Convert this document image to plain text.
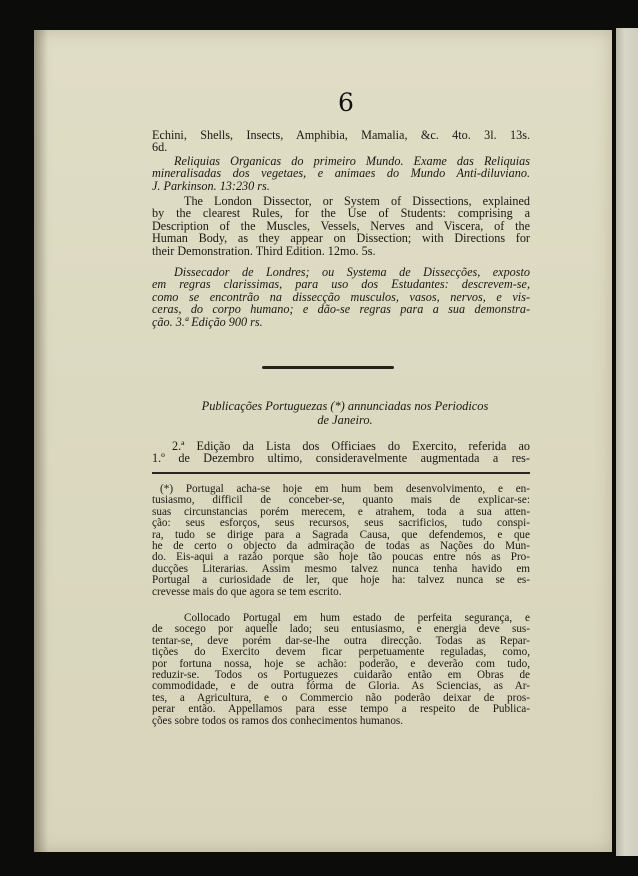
6
Echini, Shells, Insects, Amphibia, Mamalia, &c. 4to. 3l. 13s.
6d.
Reliquias Organicas do primeiro Mundo. Exame das Reliquias
mineralisadas dos vegetaes, e animaes do Mundo Anti-diluviano.
J. Parkinson. 13:230 rs.
The London Dissector, or System of Dissections, explained
by the clearest Rules, for the Use of Students: comprising a
Description of the Muscles, Vessels, Nerves and Viscera, of the
Human Body, as they appear on Dissection; with Directions for
their Demonstration. Third Edition. 12mo. 5s.
Dissecador de Londres; ou Systema de Dissecções, exposto
em regras clarissimas, para uso dos Estudantes: descrevem-se,
como se encontrão na dissecção musculos, vasos, nervos, e vis-
ceras, do corpo humano; e dão-se regras para a sua demonstra-
ção. 3.ª Edição 900 rs.
Publicações Portuguezas (*) annunciadas nos Periodicos
de Janeiro.
2.ª Edição da Lista dos Officiaes do Exercito, referida ao
1.º de Dezembro ultimo, consideravelmente augmentada a res-
(*) Portugal acha-se hoje em hum bem desenvolvimento, e en-
tusiasmo, difficil de conceber-se, quanto mais de explicar-se:
suas circunstancias porém merecem, e atrahem, toda a sua atten-
ção: seus esforços, seus recursos, seus sacrificios, tudo conspi-
ra, tudo se dirige para a Sagrada Causa, que defendemos, e que
he de certo o objecto da admiração de todas as Nações do Mun-
do. Eis-aqui a razão porque são hoje tão poucas entre nós as Pro-
ducções Literarias. Assim mesmo talvez nunca tenha havido em
Portugal a curiosidade de ler, que hoje ha: talvez nunca se es-
crevesse mais do que agora se tem escrito.
Collocado Portugal em hum estado de perfeita segurança, e
de socego por aquelle lado; seu entusiasmo, e energia deve sus-
tentar-se, deve porém dar-se-lhe outra direcção. Todas as Repar-
tições do Exercito devem ficar perpetuamente reguladas, como,
por fortuna nossa, hoje se achão: poderão, e deverão com tudo,
reduzir-se. Todos os Portuguezes cuidarão então em Obras de
commodidade, e de outra fórma de Gloria. As Sciencias, as Ar-
tes, a Agricultura, e o Commercio não poderão deixar de pros-
perar então. Appellamos para esse tempo a respeito de Publica-
ções sobre todos os ramos dos conhecimentos humanos.
